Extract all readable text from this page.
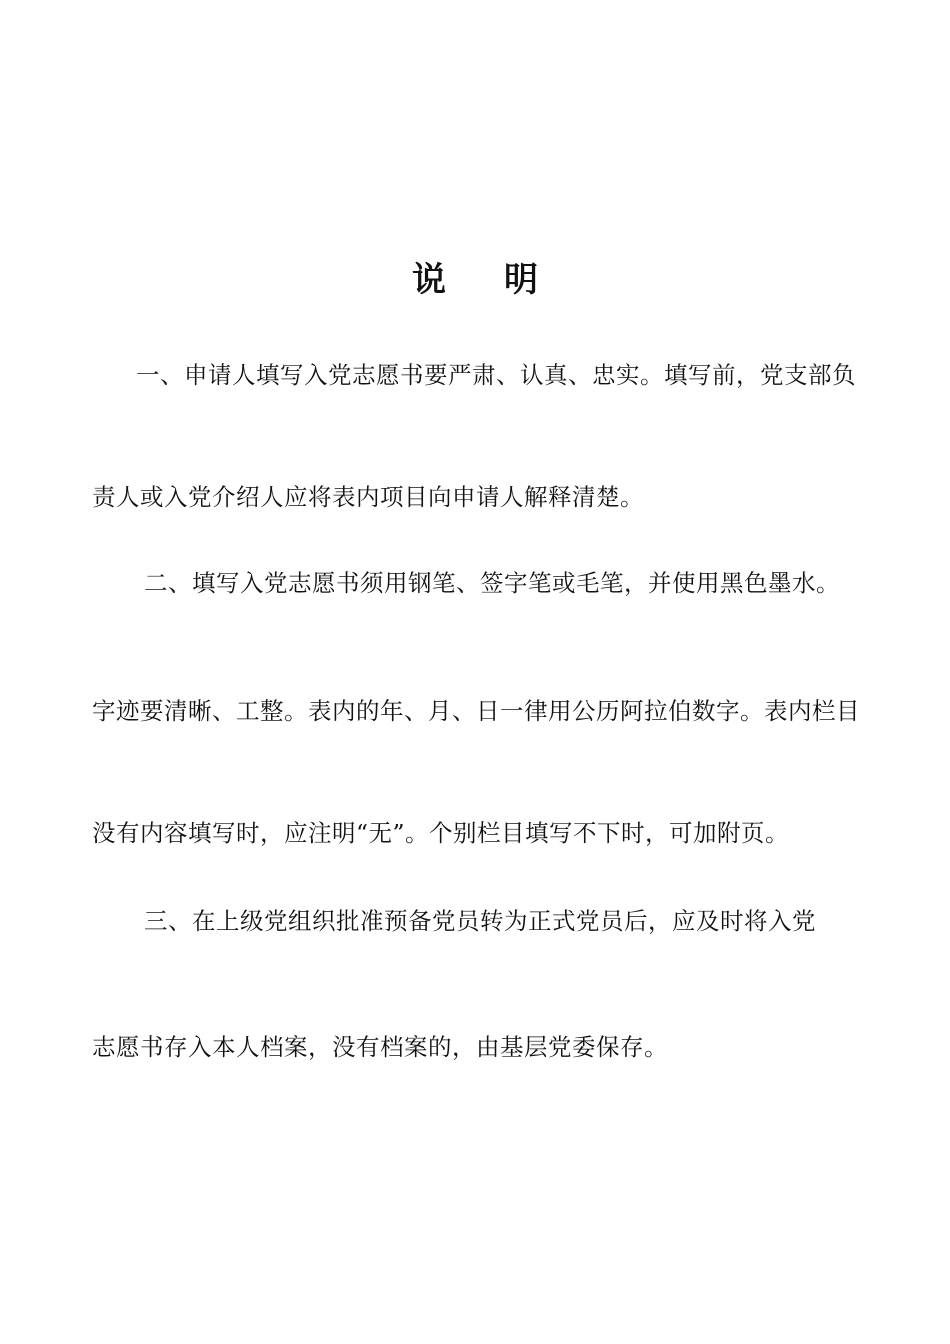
说 明
一、申请人填写入党志愿书要严肃、认真、忠实。填写前，党支部负
责人或入党介绍人应将表内项目向申请人解释清楚。
二、填写入党志愿书须用钢笔、签字笔或毛笔，并使用黑色墨水。
字迹要清晰、工整。表内的年、月、日一律用公历阿拉伯数字。表内栏目
没有内容填写时，应注明“无”。个别栏目填写不下时，可加附页。
三、在上级党组织批准预备党员转为正式党员后，应及时将入党
志愿书存入本人档案，没有档案的，由基层党委保存。
